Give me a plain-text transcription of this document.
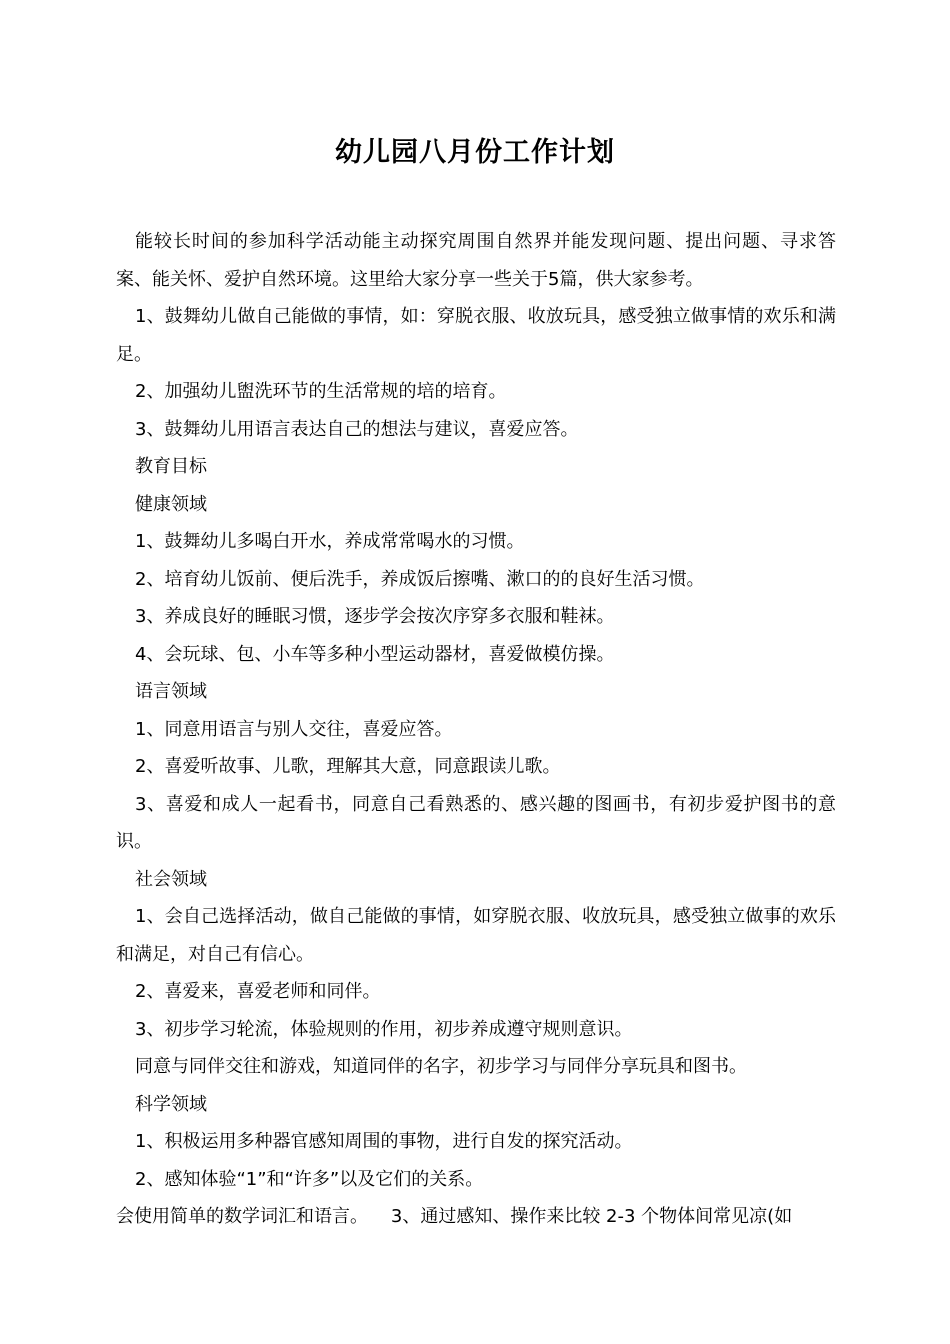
幼儿园八月份工作计划

能较长时间的参加科学活动能主动探究周围自然界并能发现问题、提出问题、寻求答案、能关怀、爱护自然环境。这里给大家分享一些关于5篇，供大家参考。

1、鼓舞幼儿做自己能做的事情，如：穿脱衣服、收放玩具，感受独立做事情的欢乐和满足。

2、加强幼儿盥洗环节的生活常规的培的培育。

3、鼓舞幼儿用语言表达自己的想法与建议，喜爱应答。

教育目标

健康领域

1、鼓舞幼儿多喝白开水，养成常常喝水的习惯。

2、培育幼儿饭前、便后洗手，养成饭后擦嘴、漱口的的良好生活习惯。

3、养成良好的睡眠习惯，逐步学会按次序穿多衣服和鞋袜。

4、会玩球、包、小车等多种小型运动器材，喜爱做模仿操。

语言领域

1、同意用语言与别人交往，喜爱应答。

2、喜爱听故事、儿歌，理解其大意，同意跟读儿歌。

3、喜爱和成人一起看书，同意自己看熟悉的、感兴趣的图画书，有初步爱护图书的意识。

社会领域

1、会自己选择活动，做自己能做的事情，如穿脱衣服、收放玩具，感受独立做事的欢乐和满足，对自己有信心。

2、喜爱来，喜爱老师和同伴。

3、初步学习轮流，体验规则的作用，初步养成遵守规则意识。

同意与同伴交往和游戏，知道同伴的名字，初步学习与同伴分享玩具和图书。

科学领域

1、积极运用多种器官感知周围的事物，进行自发的探究活动。

2、感知体验“1”和“许多”以及它们的关系。

会使用简单的数学词汇和语言。    3、通过感知、操作来比较 2-3 个物体间常见凉(如
